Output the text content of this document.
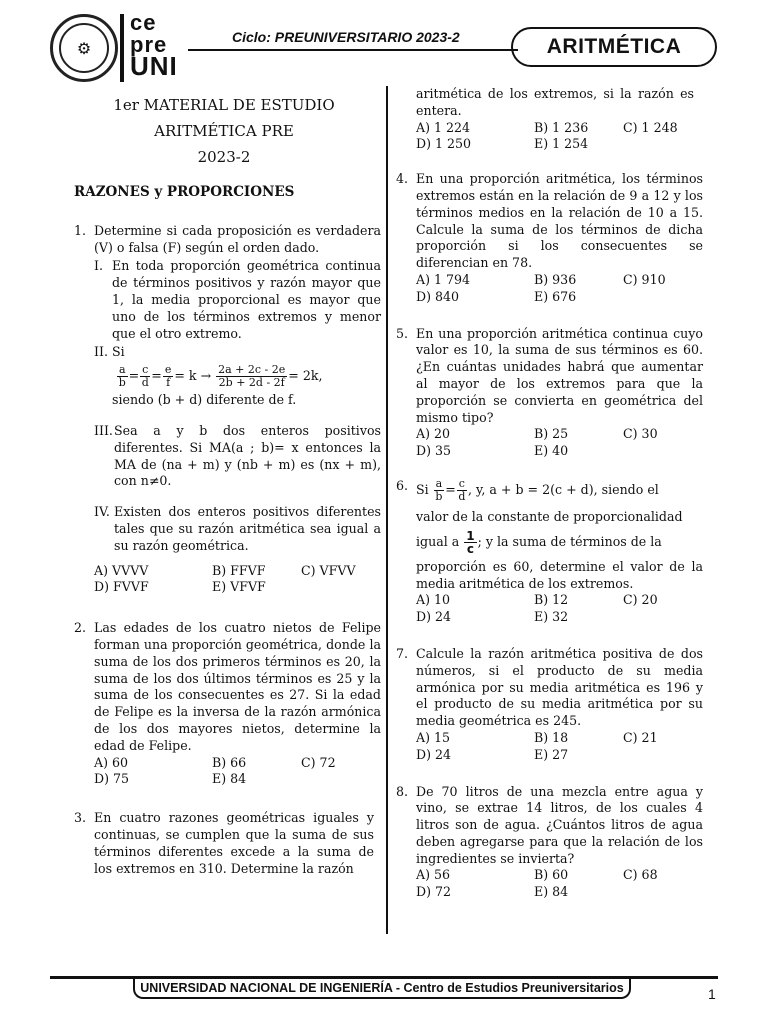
⚙
ce
pre
UNI
Ciclo: PREUNIVERSITARIO 2023-2	ARITMÉTICA
1er MATERIAL DE ESTUDIO
ARITMÉTICA PRE
2023-2
RAZONES y PROPORCIONES
1. Determine si cada proposición es verdadera (V) o falsa (F) según el orden dado.
I. En toda proporción geométrica continua de términos positivos y razón mayor que 1, la media proporcional es mayor que uno de los términos extremos y menor que el otro extremo.
II. Si
$\frac{a}{b} = \frac{c}{d} = \frac{e}{f} = k \to \frac{2a + 2c - 2e}{2b + 2d - 2f} = 2k$,
siendo (b + d) diferente de f.
III. Sea a y b dos enteros positivos diferentes. Si MA(a ; b)= x entonces la MA de (na + m) y (nb + m) es (nx + m), con n≠0.
IV. Existen dos enteros positivos diferentes tales que su razón aritmética sea igual a su razón geométrica.
A) VVVV	B) FFVF	C) VFVV
D) FVVF	E) VFVF
2. Las edades de los cuatro nietos de Felipe forman una proporción geométrica, donde la suma de los dos primeros términos es 20, la suma de los dos últimos términos es 25 y la suma de los consecuentes es 27. Si la edad de Felipe es la inversa de la razón armónica de los dos mayores nietos, determine la edad de Felipe.
A) 60	B) 66	C) 72
D) 75	E) 84
3. En cuatro razones geométricas iguales y continuas, se cumplen que la suma de sus términos diferentes excede a la suma de los extremos en 310. Determine la razón
aritmética de los extremos, si la razón es entera.
A) 1 224	B) 1 236	C) 1 248
D) 1 250	E) 1 254
4. En una proporción aritmética, los términos extremos están en la relación de 9 a 12 y los términos medios en la relación de 10 a 15. Calcule la suma de los términos de dicha proporción si los consecuentes se diferencian en 78.
A) 1 794	B) 936	C) 910
D) 840	E) 676
5. En una proporción aritmética continua cuyo valor es 10, la suma de sus términos es 60. ¿En cuántas unidades habrá que aumentar al mayor de los extremos para que la proporción se convierta en geométrica del mismo tipo?
A) 20	B) 25	C) 30
D) 35	E) 40
6. Si $\frac{a}{b} = \frac{c}{d}$ , y, a + b = 2(c + d), siendo el
valor de la constante de proporcionalidad
igual a $\frac{1}{c}$ ; y la suma de términos de la
proporción es 60, determine el valor de la media aritmética de los extremos.
A) 10	B) 12	C) 20
D) 24	E) 32
7. Calcule la razón aritmética positiva de dos números, si el producto de su media armónica por su media aritmética es 196 y el producto de su media aritmética por su media geométrica es 245.
A) 15	B) 18	C) 21
D) 24	E) 27
8. De 70 litros de una mezcla entre agua y vino, se extrae 14 litros, de los cuales 4 litros son de agua. ¿Cuántos litros de agua deben agregarse para que la relación de los ingredientes se invierta?
A) 56	B) 60	C) 68
D) 72	E) 84
UNIVERSIDAD NACIONAL DE INGENIERÍA - Centro de Estudios Preuniversitarios	1
